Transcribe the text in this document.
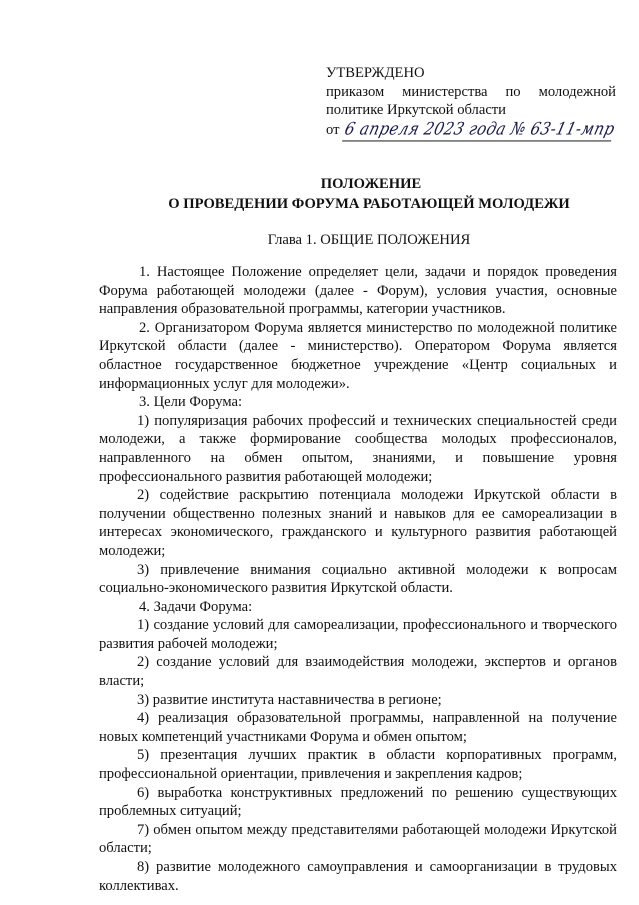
УТВЕРЖДЕНО
приказом министерства по молодежной
политике Иркутской области
от 6 апреля 2023 года № 63-11-мпр
ПОЛОЖЕНИЕ
О ПРОВЕДЕНИИ ФОРУМА РАБОТАЮЩЕЙ МОЛОДЕЖИ
Глава 1. ОБЩИЕ ПОЛОЖЕНИЯ

1. Настоящее Положение определяет цели, задачи и порядок проведения Форума работающей молодежи (далее - Форум), условия участия, основные направления образовательной программы, категории участников.

2. Организатором Форума является министерство по молодежной политике Иркутской области (далее - министерство). Оператором Форума является областное государственное бюджетное учреждение «Центр социальных и информационных услуг для молодежи».

3. Цели Форума:

1) популяризация рабочих профессий и технических специальностей среди молодежи, а также формирование сообщества молодых профессионалов, направленного на обмен опытом, знаниями, и повышение уровня профессионального развития работающей молодежи;

2) содействие раскрытию потенциала молодежи Иркутской области в получении общественно полезных знаний и навыков для ее самореализации в интересах экономического, гражданского и культурного развития работающей молодежи;

3) привлечение внимания социально активной молодежи к вопросам социально-экономического развития Иркутской области.

4. Задачи Форума:

1) создание условий для самореализации, профессионального и творческого развития рабочей молодежи;

2) создание условий для взаимодействия молодежи, экспертов и органов власти;

3) развитие института наставничества в регионе;

4) реализация образовательной программы, направленной на получение новых компетенций участниками Форума и обмен опытом;

5) презентация лучших практик в области корпоративных программ, профессиональной ориентации, привлечения и закрепления кадров;

6) выработка конструктивных предложений по решению существующих проблемных ситуаций;

7) обмен опытом между представителями работающей молодежи Иркутской области;

8) развитие молодежного самоуправления и самоорганизации в трудовых коллективах.
